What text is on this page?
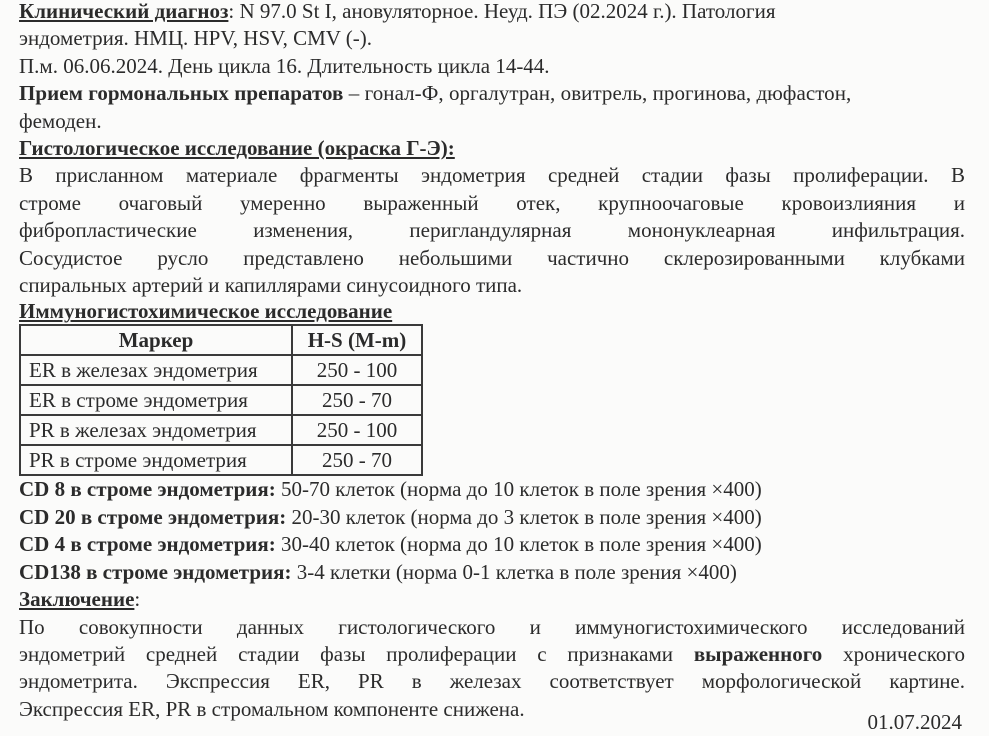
Клинический диагноз: N 97.0 St I, ановуляторное. Неуд. ПЭ (02.2024 г.). Патология
эндометрия. НМЦ. HPV, HSV, CMV (-).
П.м. 06.06.2024. День цикла 16. Длительность цикла 14-44.
Прием гормональных препаратов – гонал-Ф, оргалутран, овитрель, прогинова, дюфастон,
фемоден.
Гистологическое исследование (окраска Г-Э):
В присланном материале фрагменты эндометрия средней стадии фазы пролиферации. В
строме очаговый умеренно выраженный отек, крупноочаговые кровоизлияния и
фибропластические изменения, перигландулярная мононуклеарная инфильтрация.
Сосудистое русло представлено небольшими частично склерозированными клубками
спиральных артерий и капиллярами синусоидного типа.
Иммуногистохимическое исследование
Маркер	H-S (M-m)
ER в железах эндометрия	250 - 100
ER в строме эндометрия	250 - 70
PR в железах эндометрия	250 - 100
PR в строме эндометрия	250 - 70
CD 8 в строме эндометрия: 50-70 клеток (норма до 10 клеток в поле зрения ×400)
CD 20 в строме эндометрия: 20-30 клеток (норма до 3 клеток в поле зрения ×400)
CD 4 в строме эндометрия: 30-40 клеток (норма до 10 клеток в поле зрения ×400)
CD138 в строме эндометрия: 3-4 клетки (норма 0-1 клетка в поле зрения ×400)
Заключение:
По совокупности данных гистологического и иммуногистохимического исследований
эндометрий средней стадии фазы пролиферации с признаками выраженного хронического
эндометрита. Экспрессия ER, PR в железах соответствует морфологической картине.
Экспрессия ER, PR в стромальном компоненте снижена.
01.07.2024
